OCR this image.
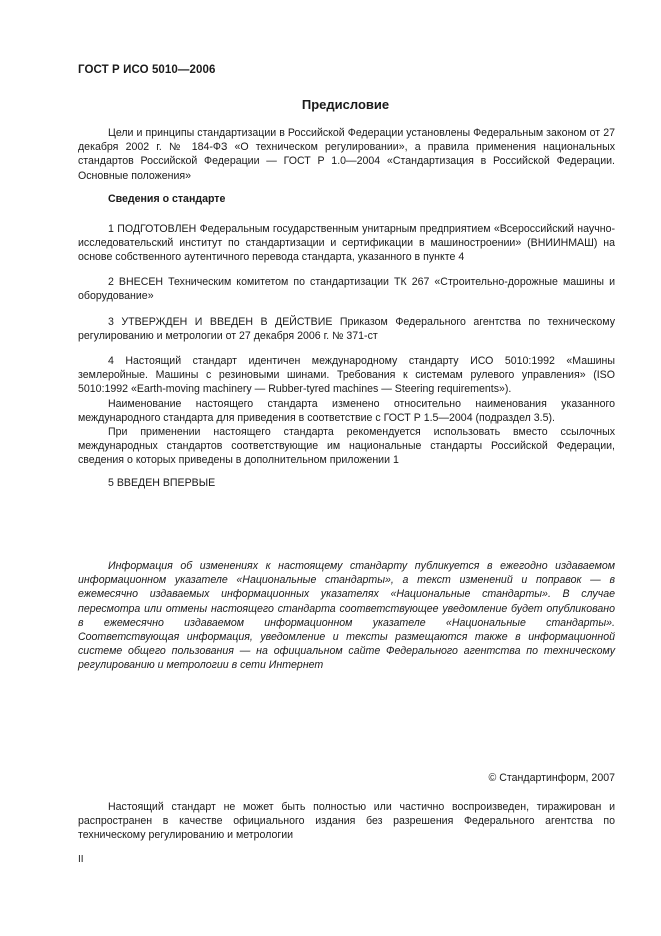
ГОСТ Р ИСО 5010—2006
Предисловие

Цели и принципы стандартизации в Российской Федерации установлены Федеральным законом от 27 декабря 2002 г. № 184-ФЗ «О техническом регулировании», а правила применения национальных стандартов Российской Федерации — ГОСТ Р 1.0—2004 «Стандартизация в Российской Федерации. Основные положения»

Сведения о стандарте

1 ПОДГОТОВЛЕН Федеральным государственным унитарным предприятием «Всероссийский научно-исследовательский институт по стандартизации и сертификации в машиностроении» (ВНИИНМАШ) на основе собственного аутентичного перевода стандарта, указанного в пункте 4

2 ВНЕСЕН Техническим комитетом по стандартизации ТК 267 «Строительно-дорожные машины и оборудование»

3 УТВЕРЖДЕН И ВВЕДЕН В ДЕЙСТВИЕ Приказом Федерального агентства по техническому регулированию и метрологии от 27 декабря 2006 г. № 371-ст

4 Настоящий стандарт идентичен международному стандарту ИСО 5010:1992 «Машины землеройные. Машины с резиновыми шинами. Требования к системам рулевого управления» (ISO 5010:1992 «Earth-moving machinery — Rubber-tyred machines — Steering requirements»).

Наименование настоящего стандарта изменено относительно наименования указанного международного стандарта для приведения в соответствие с ГОСТ Р 1.5—2004 (подраздел 3.5).

При применении настоящего стандарта рекомендуется использовать вместо ссылочных международных стандартов соответствующие им национальные стандарты Российской Федерации, сведения о которых приведены в дополнительном приложении 1

5 ВВЕДЕН ВПЕРВЫЕ

Информация об изменениях к настоящему стандарту публикуется в ежегодно издаваемом информационном указателе «Национальные стандарты», а текст изменений и поправок — в ежемесячно издаваемых информационных указателях «Национальные стандарты». В случае пересмотра или отмены настоящего стандарта соответствующее уведомление будет опубликовано в ежемесячно издаваемом информационном указателе «Национальные стандарты». Соответствующая информация, уведомление и тексты размещаются также в информационной системе общего пользования — на официальном сайте Федерального агентства по техническому регулированию и метрологии в сети Интернет

© Стандартинформ, 2007

Настоящий стандарт не может быть полностью или частично воспроизведен, тиражирован и распространен в качестве официального издания без разрешения Федерального агентства по техническому регулированию и метрологии

II
